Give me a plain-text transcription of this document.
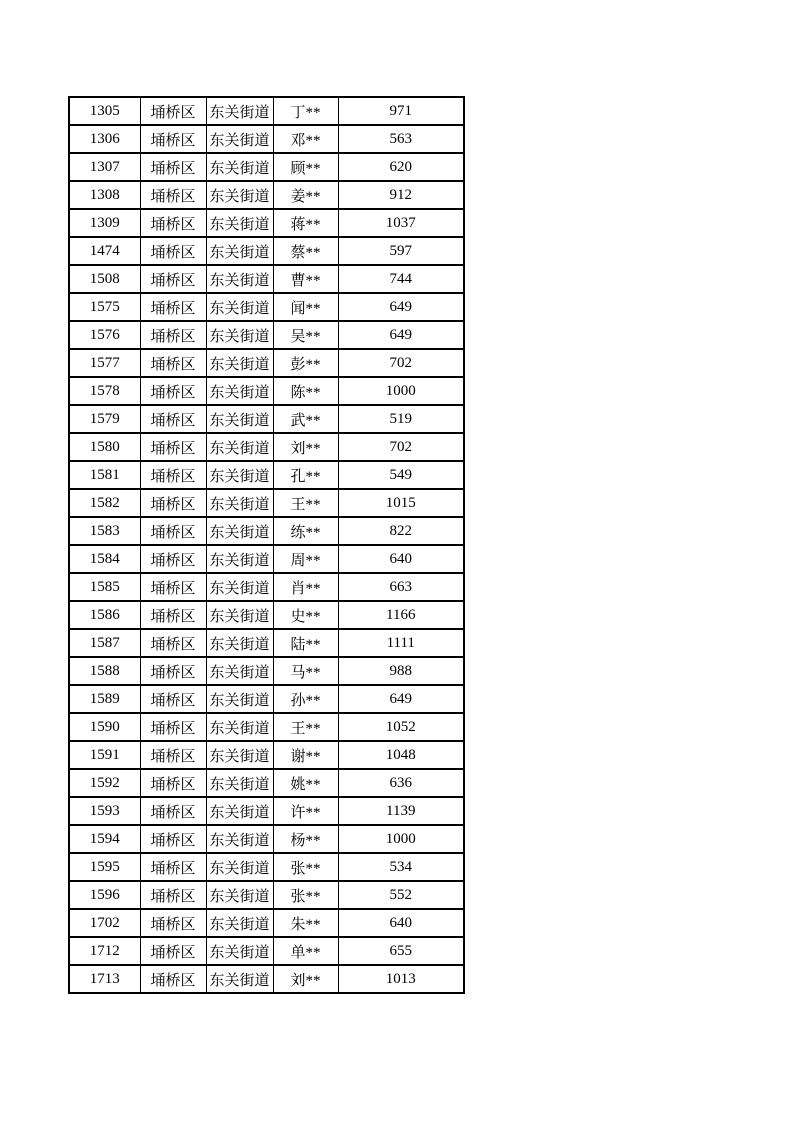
1305	埇桥区	东关街道	丁**	971
1306	埇桥区	东关街道	邓**	563
1307	埇桥区	东关街道	顾**	620
1308	埇桥区	东关街道	姜**	912
1309	埇桥区	东关街道	蒋**	1037
1474	埇桥区	东关街道	蔡**	597
1508	埇桥区	东关街道	曹**	744
1575	埇桥区	东关街道	闻**	649
1576	埇桥区	东关街道	吴**	649
1577	埇桥区	东关街道	彭**	702
1578	埇桥区	东关街道	陈**	1000
1579	埇桥区	东关街道	武**	519
1580	埇桥区	东关街道	刘**	702
1581	埇桥区	东关街道	孔**	549
1582	埇桥区	东关街道	王**	1015
1583	埇桥区	东关街道	练**	822
1584	埇桥区	东关街道	周**	640
1585	埇桥区	东关街道	肖**	663
1586	埇桥区	东关街道	史**	1166
1587	埇桥区	东关街道	陆**	1111
1588	埇桥区	东关街道	马**	988
1589	埇桥区	东关街道	孙**	649
1590	埇桥区	东关街道	王**	1052
1591	埇桥区	东关街道	谢**	1048
1592	埇桥区	东关街道	姚**	636
1593	埇桥区	东关街道	许**	1139
1594	埇桥区	东关街道	杨**	1000
1595	埇桥区	东关街道	张**	534
1596	埇桥区	东关街道	张**	552
1702	埇桥区	东关街道	朱**	640
1712	埇桥区	东关街道	单**	655
1713	埇桥区	东关街道	刘**	1013
